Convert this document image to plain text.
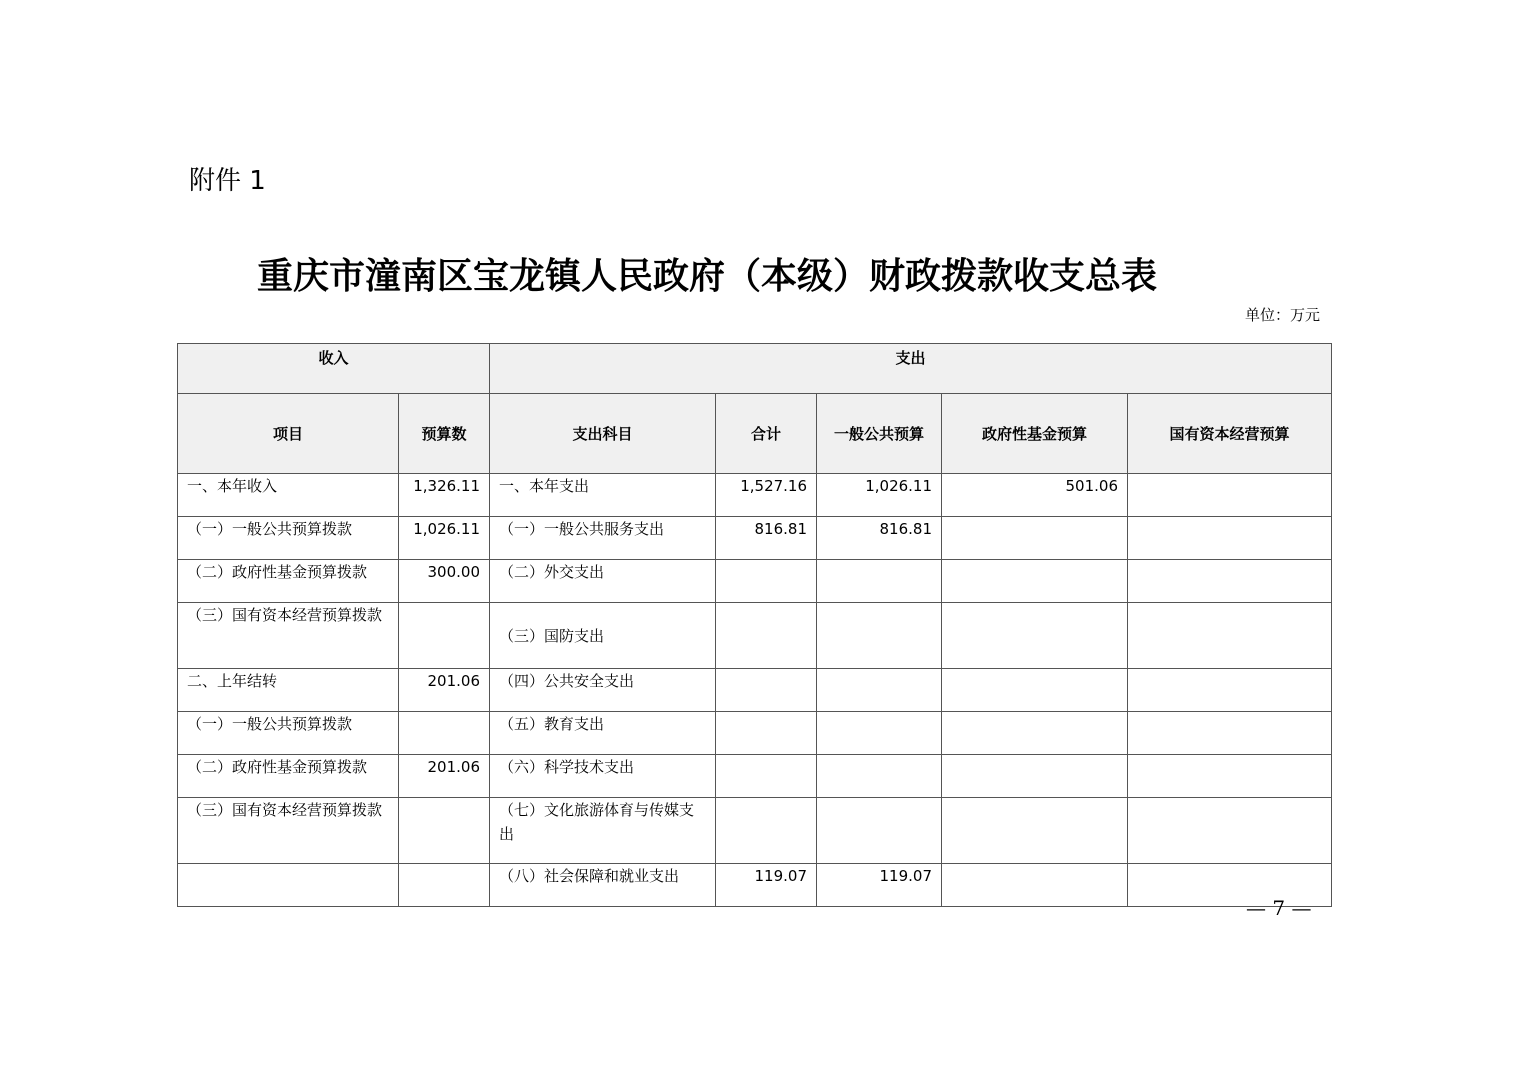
附件 1
重庆市潼南区宝龙镇人民政府（本级）财政拨款收支总表
单位：万元
收入		支出				
项目	预算数	支出科目	合计	一般公共预算	政府性基金预算	国有资本经营预算
一、本年收入	1,326.11	一、本年支出	1,527.16	1,026.11	501.06	
（一）一般公共预算拨款	1,026.11	（一）一般公共服务支出	816.81	816.81		
（二）政府性基金预算拨款	300.00	（二）外交支出				
（三）国有资本经营预算拨款		（三）国防支出				
二、上年结转	201.06	（四）公共安全支出				
（一）一般公共预算拨款		（五）教育支出				
（二）政府性基金预算拨款	201.06	（六）科学技术支出				
（三）国有资本经营预算拨款		（七）文化旅游体育与传媒支出				
		（八）社会保障和就业支出	119.07	119.07		
— 7 —
